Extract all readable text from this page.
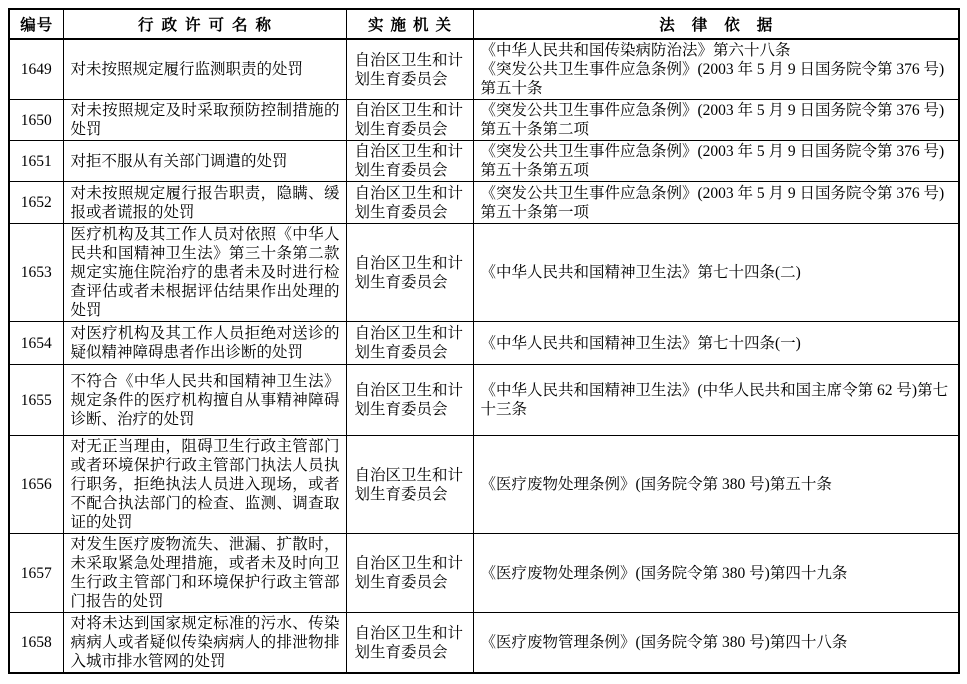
编号	行政许可名称	实施机关	法律依据
1649	对未按照规定履行监测职责的处罚	自治区卫生和计划生育委员会	《中华人民共和国传染病防治法》第六十八条
《突发公共卫生事件应急条例》(2003 年 5 月 9 日国务院令第 376 号)第五十条

1650	对未按照规定及时采取预防控制措施的处罚	自治区卫生和计划生育委员会	《突发公共卫生事件应急条例》(2003 年 5 月 9 日国务院令第 376 号)第五十条第二项

1651	对拒不服从有关部门调遣的处罚	自治区卫生和计划生育委员会	《突发公共卫生事件应急条例》(2003 年 5 月 9 日国务院令第 376 号)第五十条第五项

1652	对未按照规定履行报告职责，隐瞒、缓报或者谎报的处罚	自治区卫生和计划生育委员会	《突发公共卫生事件应急条例》(2003 年 5 月 9 日国务院令第 376 号)第五十条第一项

1653	医疗机构及其工作人员对依照《中华人民共和国精神卫生法》第三十条第二款规定实施住院治疗的患者未及时进行检查评估或者未根据评估结果作出处理的处罚	自治区卫生和计划生育委员会	《中华人民共和国精神卫生法》第七十四条(二)

1654	对医疗机构及其工作人员拒绝对送诊的疑似精神障碍患者作出诊断的处罚	自治区卫生和计划生育委员会	《中华人民共和国精神卫生法》第七十四条(一)

1655	不符合《中华人民共和国精神卫生法》规定条件的医疗机构擅自从事精神障碍诊断、治疗的处罚	自治区卫生和计划生育委员会	《中华人民共和国精神卫生法》(中华人民共和国主席令第 62 号)第七十三条

1656	对无正当理由，阻碍卫生行政主管部门或者环境保护行政主管部门执法人员执行职务，拒绝执法人员进入现场，或者不配合执法部门的检查、监测、调查取证的处罚	自治区卫生和计划生育委员会	《医疗废物处理条例》(国务院令第 380 号)第五十条

1657	对发生医疗废物流失、泄漏、扩散时，未采取紧急处理措施，或者未及时向卫生行政主管部门和环境保护行政主管部门报告的处罚	自治区卫生和计划生育委员会	《医疗废物处理条例》(国务院令第 380 号)第四十九条

1658	对将未达到国家规定标准的污水、传染病病人或者疑似传染病病人的排泄物排入城市排水管网的处罚	自治区卫生和计划生育委员会	《医疗废物管理条例》(国务院令第 380 号)第四十八条
